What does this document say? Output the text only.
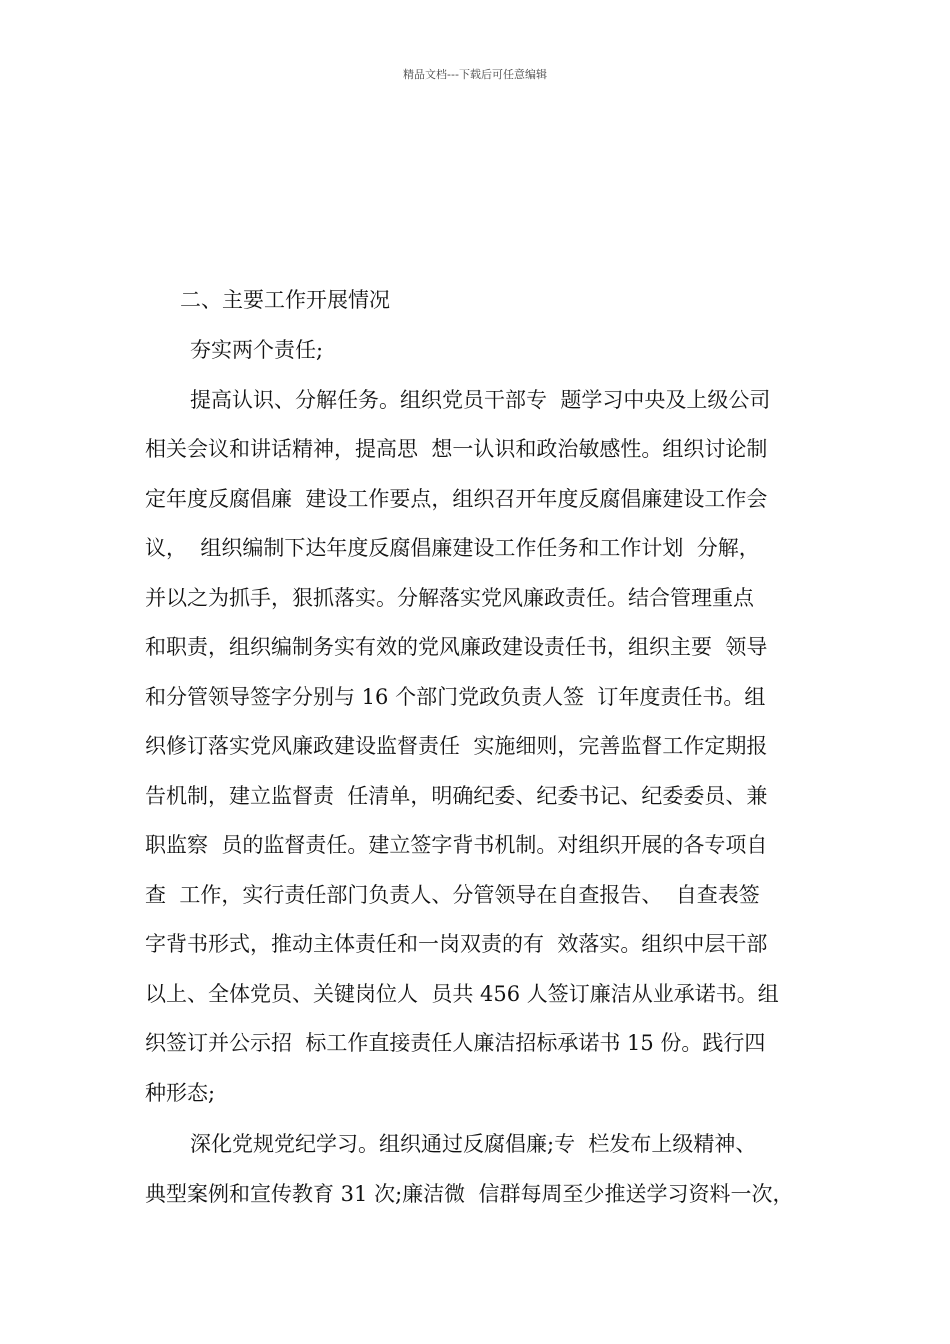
精品文档---下载后可任意编辑
二、主要工作开展情况
夯实两个责任;
提高认识、分解任务。组织党员干部专  题学习中央及上级公司
相关会议和讲话精神，提高思  想一认识和政治敏感性。组织讨论制
定年度反腐倡廉  建设工作要点，组织召开年度反腐倡廉建设工作会
议，  组织编制下达年度反腐倡廉建设工作任务和工作计划  分解，
并以之为抓手，狠抓落实。分解落实党风廉政责任。结合管理重点
和职责，组织编制务实有效的党风廉政建设责任书，组织主要  领导
和分管领导签字分别与 16 个部门党政负责人签  订年度责任书。组
织修订落实党风廉政建设监督责任  实施细则，完善监督工作定期报
告机制，建立监督责  任清单，明确纪委、纪委书记、纪委委员、兼
职监察  员的监督责任。建立签字背书机制。对组织开展的各专项自
查  工作，实行责任部门负责人、分管领导在自查报告、  自查表签
字背书形式，推动主体责任和一岗双责的有  效落实。组织中层干部
以上、全体党员、关键岗位人  员共 456 人签订廉洁从业承诺书。组
织签订并公示招  标工作直接责任人廉洁招标承诺书 15 份。践行四
种形态;
深化党规党纪学习。组织通过反腐倡廉;专  栏发布上级精神、
典型案例和宣传教育 31 次;廉洁微  信群每周至少推送学习资料一次，
